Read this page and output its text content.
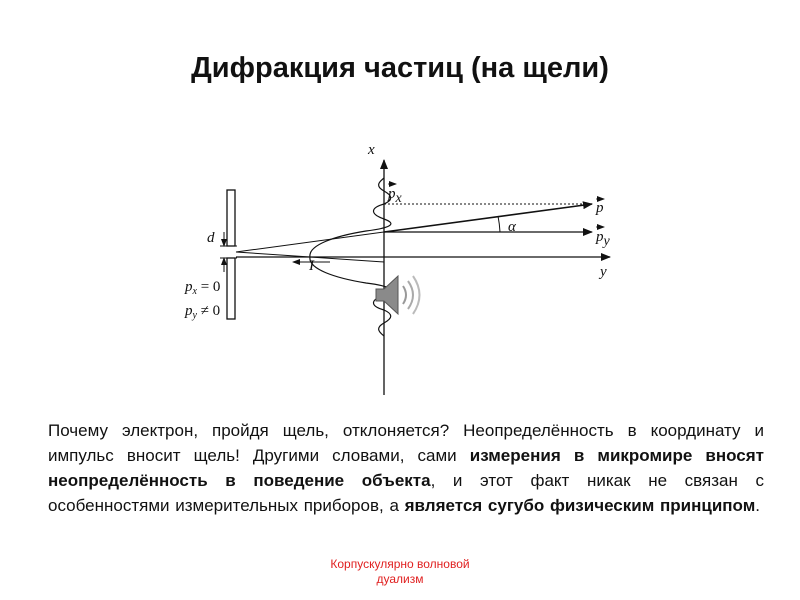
Дифракция частиц (на щели)
d
y
x
I
α
p
px
py
$p_x = 0$
$p_y \ne 0$
Почему электрон, пройдя щель, отклоняется? Неопределённость в координату и импульс вносит щель! Другими словами, сами измерения в микромире вносят неопределённость в поведение объекта, и этот факт никак не связан с особенностями измерительных приборов, а является сугубо физическим принципом.
Корпускулярно волновой
дуализм
